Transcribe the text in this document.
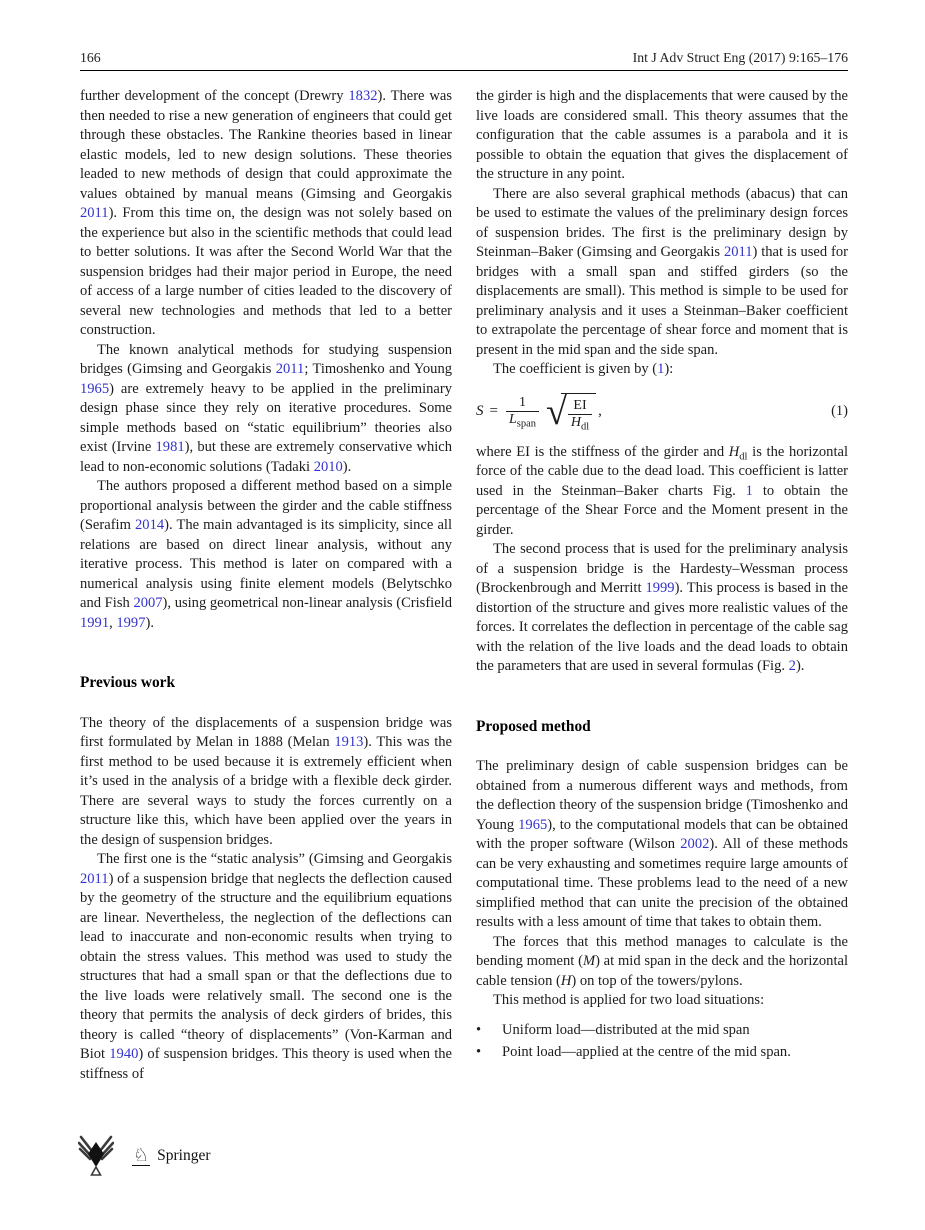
166	Int J Adv Struct Eng (2017) 9:165–176

further development of the concept (Drewry 1832). There was then needed to rise a new generation of engineers that could get through these obstacles. The Rankine theories based in linear elastic models, led to new design solutions. These theories leaded to new methods of design that could approximate the values obtained by manual means (Gimsing and Georgakis 2011). From this time on, the design was not solely based on the experience but also in the scientific methods that could lead to better solutions. It was after the Second World War that the suspension bridges had their major period in Europe, the need of access of a large number of cities leaded to the discovery of several new technologies and methods that led to a better construction.

The known analytical methods for studying suspension bridges (Gimsing and Georgakis 2011; Timoshenko and Young 1965) are extremely heavy to be applied in the preliminary design phase since they rely on iterative procedures. Some simple methods based on “static equilibrium” theories also exist (Irvine 1981), but these are extremely conservative which lead to non-economic solutions (Tadaki 2010).

The authors proposed a different method based on a simple proportional analysis between the girder and the cable stiffness (Serafim 2014). The main advantaged is its simplicity, since all relations are based on direct linear analysis, without any iterative process. This method is later on compared with a numerical analysis using finite element models (Belytschko and Fish 2007), using geometrical non-linear analysis (Crisfield 1991, 1997).

Previous work

The theory of the displacements of a suspension bridge was first formulated by Melan in 1888 (Melan 1913). This was the first method to be used because it is extremely efficient when it’s used in the analysis of a bridge with a flexible deck girder. There are several ways to study the forces currently on a structure like this, which have been applied over the years in the design of suspension bridges.

The first one is the “static analysis” (Gimsing and Georgakis 2011) of a suspension bridge that neglects the deflection caused by the geometry of the structure and the equilibrium equations are linear. Nevertheless, the neglection of the deflections can lead to inaccurate and non-economic results when trying to obtain the stress values. This method was used to study the structures that had a small span or that the deflections due to the live loads were relatively small. The second one is the theory that permits the analysis of deck girders of brides, this theory is called “theory of displacements” (Von-Karman and Biot 1940) of suspension bridges. This theory is used when the stiffness of

the girder is high and the displacements that were caused by the live loads are considered small. This theory assumes that the configuration that the cable assumes is a parabola and it is possible to obtain the equation that gives the displacement of the structure in any point.

There are also several graphical methods (abacus) that can be used to estimate the values of the preliminary design forces of suspension brides. The first is the preliminary design by Steinman–Baker (Gimsing and Georgakis 2011) that is used for bridges with a small span and stiffed girders (so the displacements are small). This method is simple to be used for preliminary analysis and it uses a Steinman–Baker coefficient to extrapolate the percentage of shear force and moment that is present in the mid span and the side span.

The coefficient is given by (1):

$S = \frac{1}{L_{span}}$ √ $\frac{EI}{H_{dl}}$ ,	(1)

where EI is the stiffness of the girder and $H_{dl}$ is the horizontal force of the cable due to the dead load. This coefficient is latter used in the Steinman–Baker charts Fig. 1 to obtain the percentage of the Shear Force and the Moment present in the girder.

The second process that is used for the preliminary analysis of a suspension bridge is the Hardesty–Wessman process (Brockenbrough and Merritt 1999). This process is based in the distortion of the structure and gives more realistic values of the forces. It correlates the deflection in percentage of the cable sag with the relation of the live loads and the dead loads to obtain the parameters that are used in several formulas (Fig. 2).

Proposed method

The preliminary design of cable suspension bridges can be obtained from a numerous different ways and methods, from the deflection theory of the suspension bridge (Timoshenko and Young 1965), to the computational models that can be obtained with the proper software (Wilson 2002). All of these methods can be very exhausting and sometimes require large amounts of computational time. These problems lead to the need of a new simplified method that can unite the precision of the obtained results with a less amount of time that takes to obtain them.

The forces that this method manages to calculate is the bending moment (M) at mid span in the deck and the horizontal cable tension (H) on top of the towers/pylons.

This method is applied for two load situations:

•	Uniform load—distributed at the mid span
•	Point load—applied at the centre of the mid span.
♘ Springer
